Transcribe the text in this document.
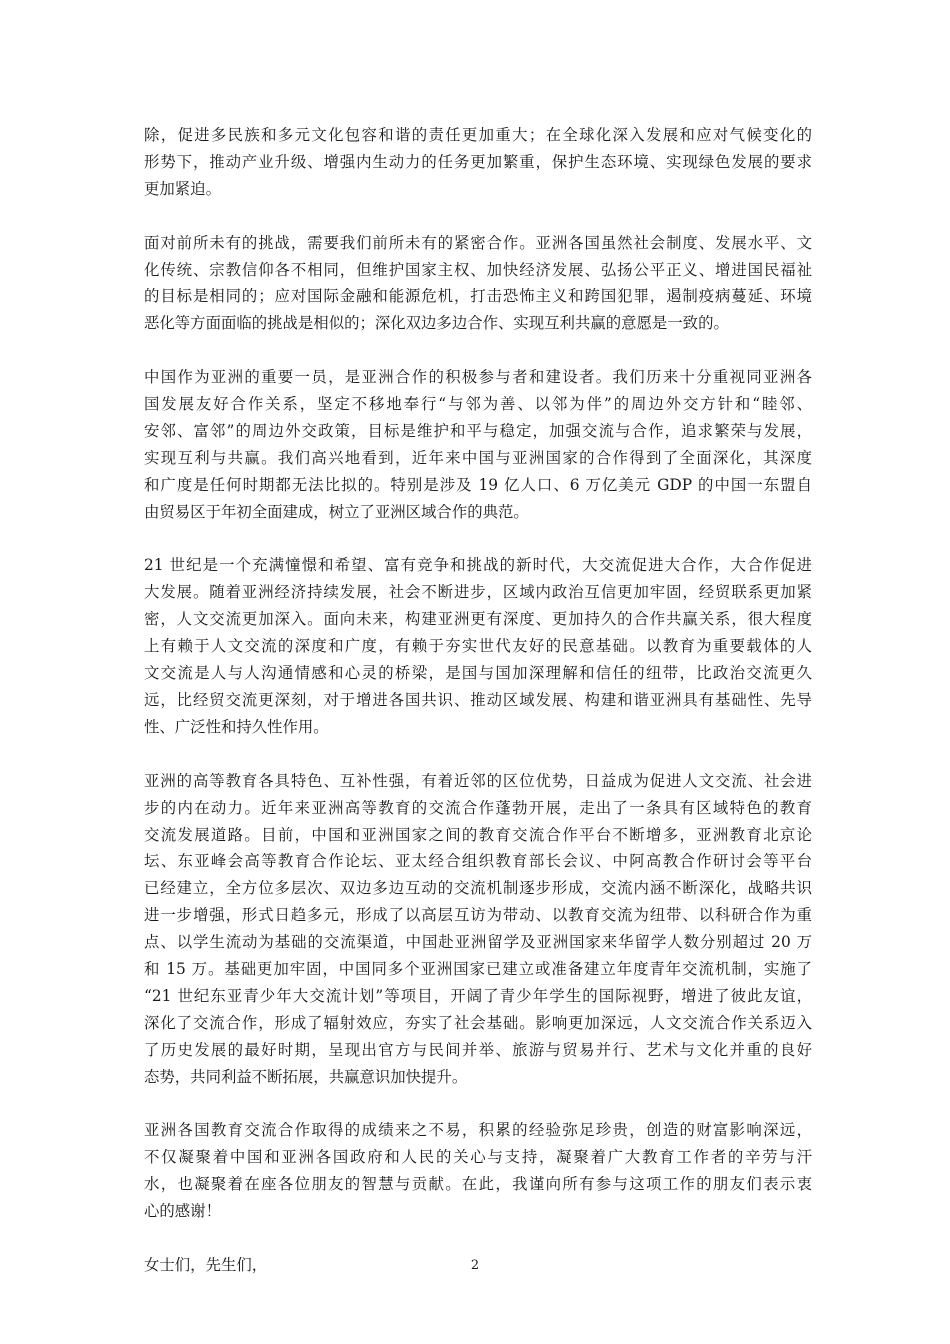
除，促进多民族和多元文化包容和谐的责任更加重大；在全球化深入发展和应对气候变化的
形势下，推动产业升级、增强内生动力的任务更加繁重，保护生态环境、实现绿色发展的要求
更加紧迫。

面对前所未有的挑战，需要我们前所未有的紧密合作。亚洲各国虽然社会制度、发展水平、文
化传统、宗教信仰各不相同，但维护国家主权、加快经济发展、弘扬公平正义、增进国民福祉
的目标是相同的；应对国际金融和能源危机，打击恐怖主义和跨国犯罪，遏制疫病蔓延、环境
恶化等方面面临的挑战是相似的；深化双边多边合作、实现互利共赢的意愿是一致的。

中国作为亚洲的重要一员，是亚洲合作的积极参与者和建设者。我们历来十分重视同亚洲各
国发展友好合作关系，坚定不移地奉行“与邻为善、以邻为伴”的周边外交方针和“睦邻、
安邻、富邻”的周边外交政策，目标是维护和平与稳定，加强交流与合作，追求繁荣与发展，
实现互利与共赢。我们高兴地看到，近年来中国与亚洲国家的合作得到了全面深化，其深度
和广度是任何时期都无法比拟的。特别是涉及 19 亿人口、6 万亿美元 GDP 的中国一东盟自
由贸易区于年初全面建成，树立了亚洲区域合作的典范。

21 世纪是一个充满憧憬和希望、富有竞争和挑战的新时代，大交流促进大合作，大合作促进
大发展。随着亚洲经济持续发展，社会不断进步，区域内政治互信更加牢固，经贸联系更加紧
密，人文交流更加深入。面向未来，构建亚洲更有深度、更加持久的合作共赢关系，很大程度
上有赖于人文交流的深度和广度，有赖于夯实世代友好的民意基础。以教育为重要载体的人
文交流是人与人沟通情感和心灵的桥梁，是国与国加深理解和信任的纽带，比政治交流更久
远，比经贸交流更深刻，对于增进各国共识、推动区域发展、构建和谐亚洲具有基础性、先导
性、广泛性和持久性作用。

亚洲的高等教育各具特色、互补性强，有着近邻的区位优势，日益成为促进人文交流、社会进
步的内在动力。近年来亚洲高等教育的交流合作蓬勃开展，走出了一条具有区域特色的教育
交流发展道路。目前，中国和亚洲国家之间的教育交流合作平台不断增多，亚洲教育北京论
坛、东亚峰会高等教育合作论坛、亚太经合组织教育部长会议、中阿高教合作研讨会等平台
已经建立，全方位多层次、双边多边互动的交流机制逐步形成，交流内涵不断深化，战略共识
进一步增强，形式日趋多元，形成了以高层互访为带动、以教育交流为纽带、以科研合作为重
点、以学生流动为基础的交流渠道，中国赴亚洲留学及亚洲国家来华留学人数分别超过 20 万
和 15 万。基础更加牢固，中国同多个亚洲国家已建立或准备建立年度青年交流机制，实施了
“21 世纪东亚青少年大交流计划”等项目，开阔了青少年学生的国际视野，增进了彼此友谊，
深化了交流合作，形成了辐射效应，夯实了社会基础。影响更加深远，人文交流合作关系迈入
了历史发展的最好时期，呈现出官方与民间并举、旅游与贸易并行、艺术与文化并重的良好
态势，共同利益不断拓展，共赢意识加快提升。

亚洲各国教育交流合作取得的成绩来之不易，积累的经验弥足珍贵，创造的财富影响深远，
不仅凝聚着中国和亚洲各国政府和人民的关心与支持，凝聚着广大教育工作者的辛劳与汗
水，也凝聚着在座各位朋友的智慧与贡献。在此，我谨向所有参与这项工作的朋友们表示衷
心的感谢！

女士们，先生们，	2
